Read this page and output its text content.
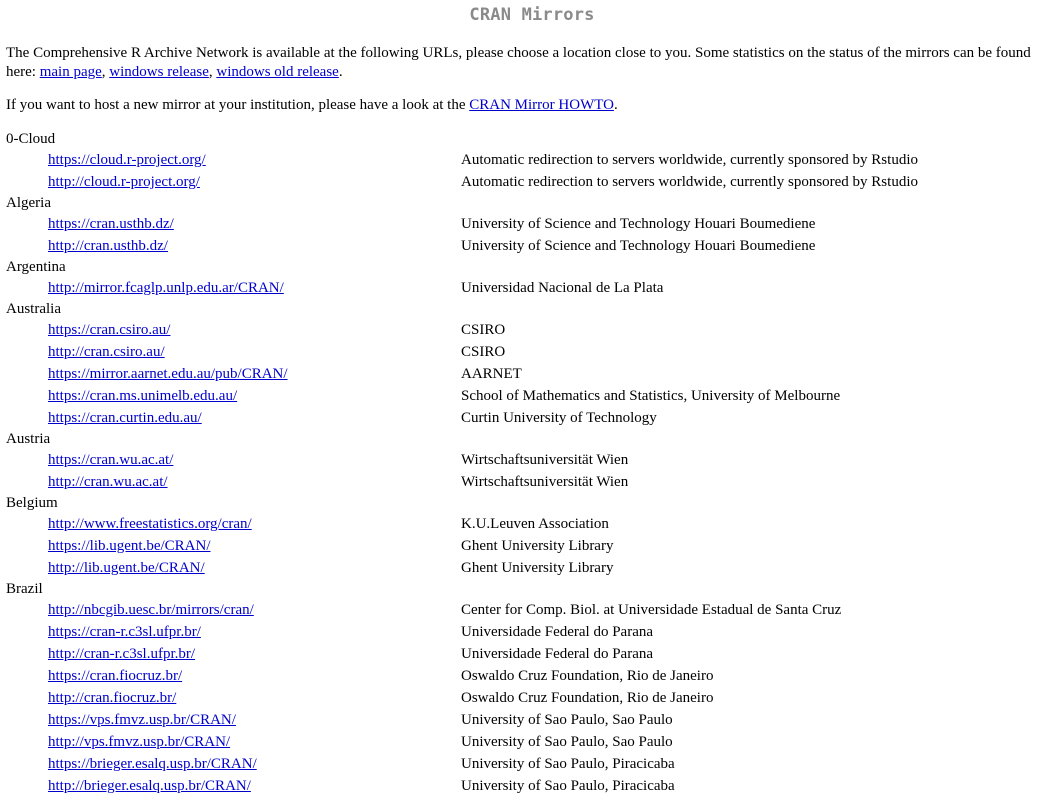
CRAN Mirrors

The Comprehensive R Archive Network is available at the following URLs, please choose a location close to you. Some statistics on the status of the mirrors can be found here: main page, windows release, windows old release.

If you want to host a new mirror at your institution, please have a look at the CRAN Mirror HOWTO.

0-Cloud	
https://cloud.r-project.org/	Automatic redirection to servers worldwide, currently sponsored by Rstudio
http://cloud.r-project.org/	Automatic redirection to servers worldwide, currently sponsored by Rstudio
Algeria	
https://cran.usthb.dz/	University of Science and Technology Houari Boumediene
http://cran.usthb.dz/	University of Science and Technology Houari Boumediene
Argentina	
http://mirror.fcaglp.unlp.edu.ar/CRAN/	Universidad Nacional de La Plata
Australia	
https://cran.csiro.au/	CSIRO
http://cran.csiro.au/	CSIRO
https://mirror.aarnet.edu.au/pub/CRAN/	AARNET
https://cran.ms.unimelb.edu.au/	School of Mathematics and Statistics, University of Melbourne
https://cran.curtin.edu.au/	Curtin University of Technology
Austria	
https://cran.wu.ac.at/	Wirtschaftsuniversität Wien
http://cran.wu.ac.at/	Wirtschaftsuniversität Wien
Belgium	
http://www.freestatistics.org/cran/	K.U.Leuven Association
https://lib.ugent.be/CRAN/	Ghent University Library
http://lib.ugent.be/CRAN/	Ghent University Library
Brazil	
http://nbcgib.uesc.br/mirrors/cran/	Center for Comp. Biol. at Universidade Estadual de Santa Cruz
https://cran-r.c3sl.ufpr.br/	Universidade Federal do Parana
http://cran-r.c3sl.ufpr.br/	Universidade Federal do Parana
https://cran.fiocruz.br/	Oswaldo Cruz Foundation, Rio de Janeiro
http://cran.fiocruz.br/	Oswaldo Cruz Foundation, Rio de Janeiro
https://vps.fmvz.usp.br/CRAN/	University of Sao Paulo, Sao Paulo
http://vps.fmvz.usp.br/CRAN/	University of Sao Paulo, Sao Paulo
https://brieger.esalq.usp.br/CRAN/	University of Sao Paulo, Piracicaba
http://brieger.esalq.usp.br/CRAN/	University of Sao Paulo, Piracicaba
